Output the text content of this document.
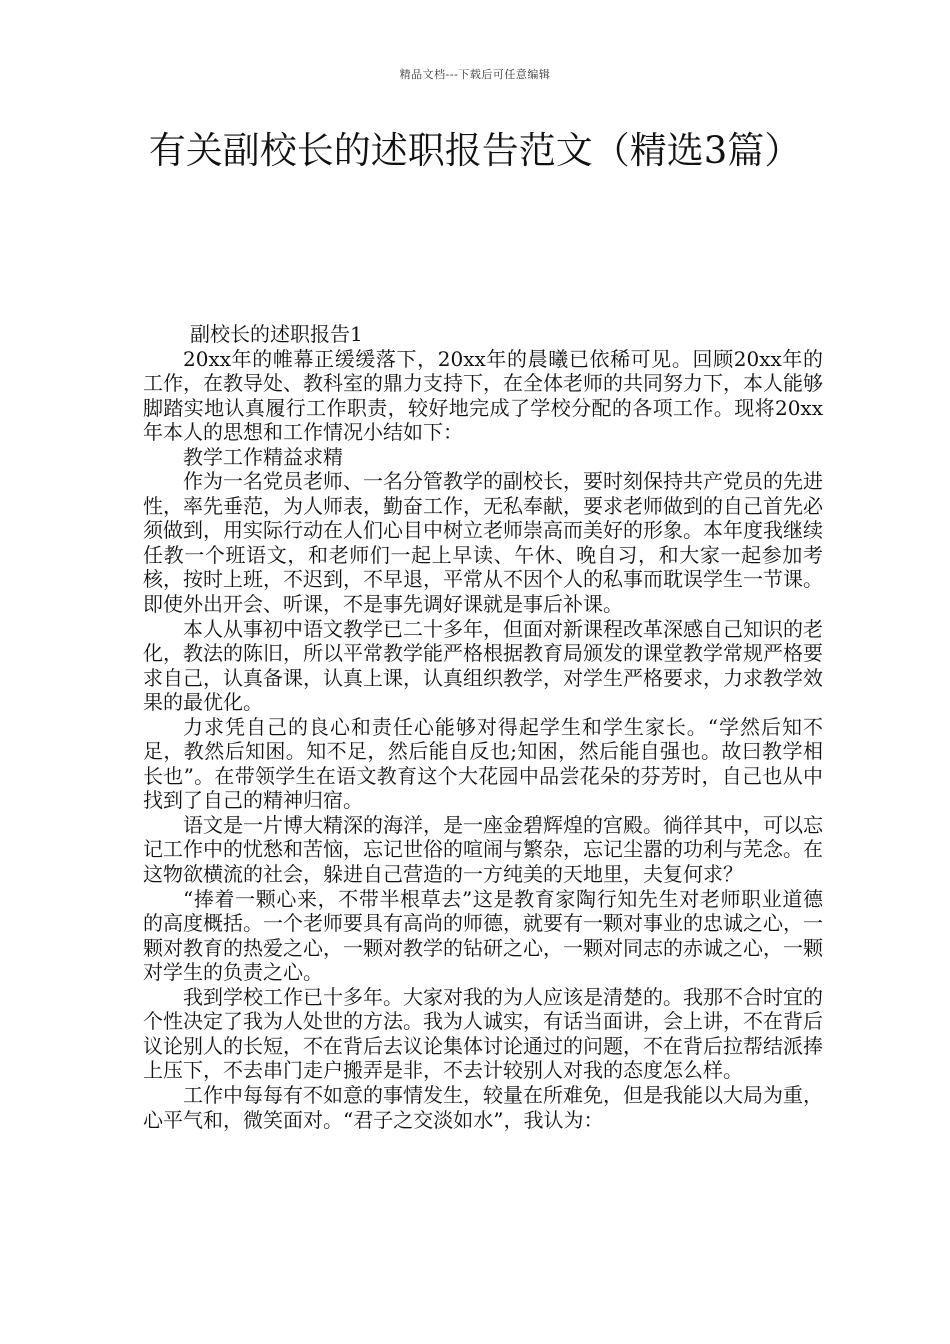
精品文档---下载后可任意编辑
有关副校长的述职报告范文（精选3篇）

副校长的述职报告1

20xx年的帷幕正缓缓落下，20xx年的晨曦已依稀可见。回顾20xx年的工作，在教导处、教科室的鼎力支持下，在全体老师的共同努力下，本人能够脚踏实地认真履行工作职责，较好地完成了学校分配的各项工作。现将20xx年本人的思想和工作情况小结如下：

教学工作精益求精

作为一名党员老师、一名分管教学的副校长，要时刻保持共产党员的先进性，率先垂范，为人师表，勤奋工作，无私奉献，要求老师做到的自己首先必须做到，用实际行动在人们心目中树立老师崇高而美好的形象。本年度我继续任教一个班语文，和老师们一起上早读、午休、晚自习，和大家一起参加考核，按时上班，不迟到，不早退，平常从不因个人的私事而耽误学生一节课。即使外出开会、听课，不是事先调好课就是事后补课。

本人从事初中语文教学已二十多年，但面对新课程改革深感自己知识的老化，教法的陈旧，所以平常教学能严格根据教育局颁发的课堂教学常规严格要求自己，认真备课，认真上课，认真组织教学，对学生严格要求，力求教学效果的最优化。

力求凭自己的良心和责任心能够对得起学生和学生家长。“学然后知不足，教然后知困。知不足，然后能自反也;知困，然后能自强也。故曰教学相长也”。在带领学生在语文教育这个大花园中品尝花朵的芬芳时，自己也从中找到了自己的精神归宿。

语文是一片博大精深的海洋，是一座金碧辉煌的宫殿。徜徉其中，可以忘记工作中的忧愁和苦恼，忘记世俗的喧闹与繁杂，忘记尘嚣的功利与芜念。在这物欲横流的社会，躲进自己营造的一方纯美的天地里，夫复何求？

“捧着一颗心来，不带半根草去”这是教育家陶行知先生对老师职业道德的高度概括。一个老师要具有高尚的师德，就要有一颗对事业的忠诚之心，一颗对教育的热爱之心，一颗对教学的钻研之心，一颗对同志的赤诚之心，一颗对学生的负责之心。

我到学校工作已十多年。大家对我的为人应该是清楚的。我那不合时宜的个性决定了我为人处世的方法。我为人诚实，有话当面讲，会上讲，不在背后议论别人的长短，不在背后去议论集体讨论通过的问题，不在背后拉帮结派捧上压下，不去串门走户搬弄是非，不去计较别人对我的态度怎么样。

工作中每每有不如意的事情发生，较量在所难免，但是我能以大局为重，心平气和，微笑面对。“君子之交淡如水”，我认为：
